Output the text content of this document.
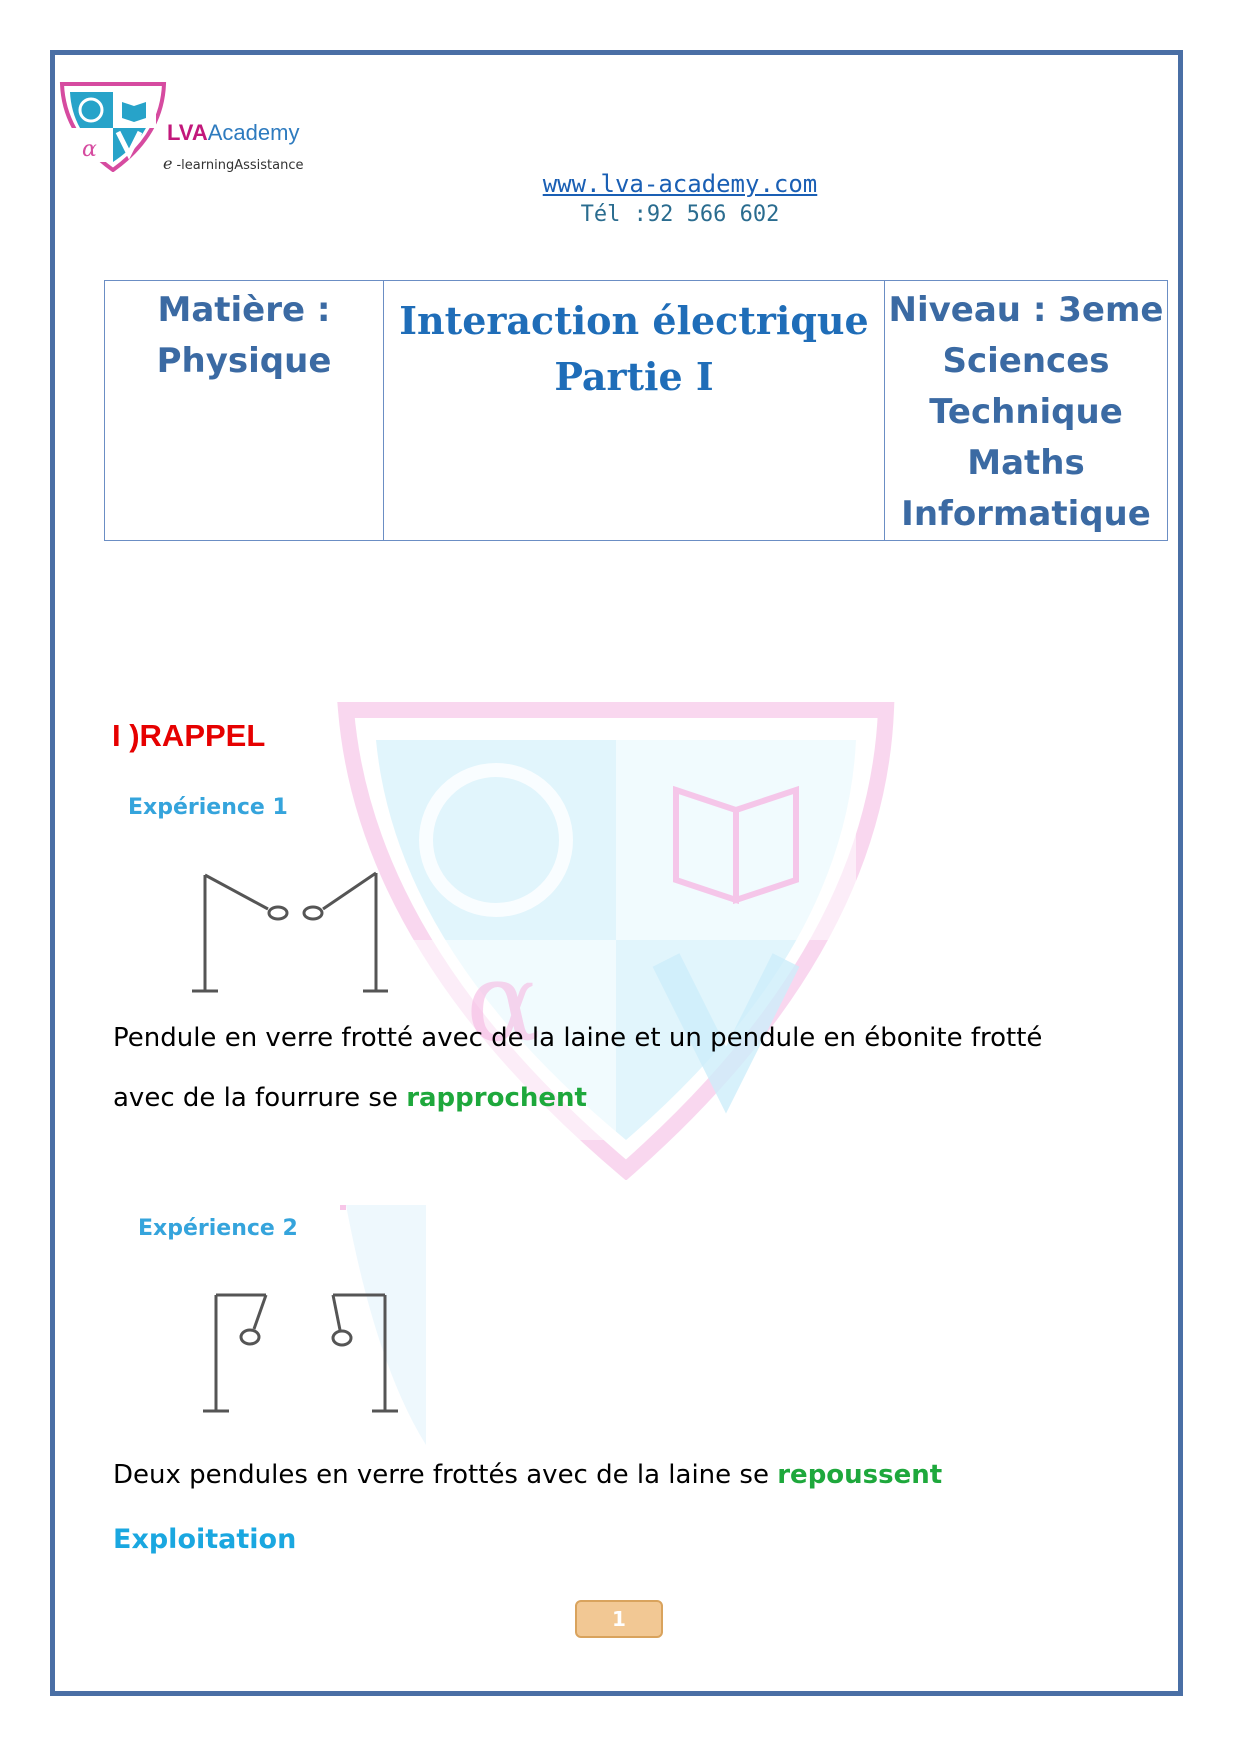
α
α
LVAAcademy
e -learningAssistance
www.lva-academy.com
Tél :92 566 602
Matière :
Physique

Interaction électrique
Partie I

Niveau : 3eme
Sciences
Technique
Maths
Informatique
I )RAPPEL
Expérience 1
Pendule en verre frotté avec de la laine et un pendule en ébonite frotté
avec de la fourrure se rapprochent
Expérience 2
Deux pendules en verre frottés avec de la laine se repoussent
Exploitation
1
